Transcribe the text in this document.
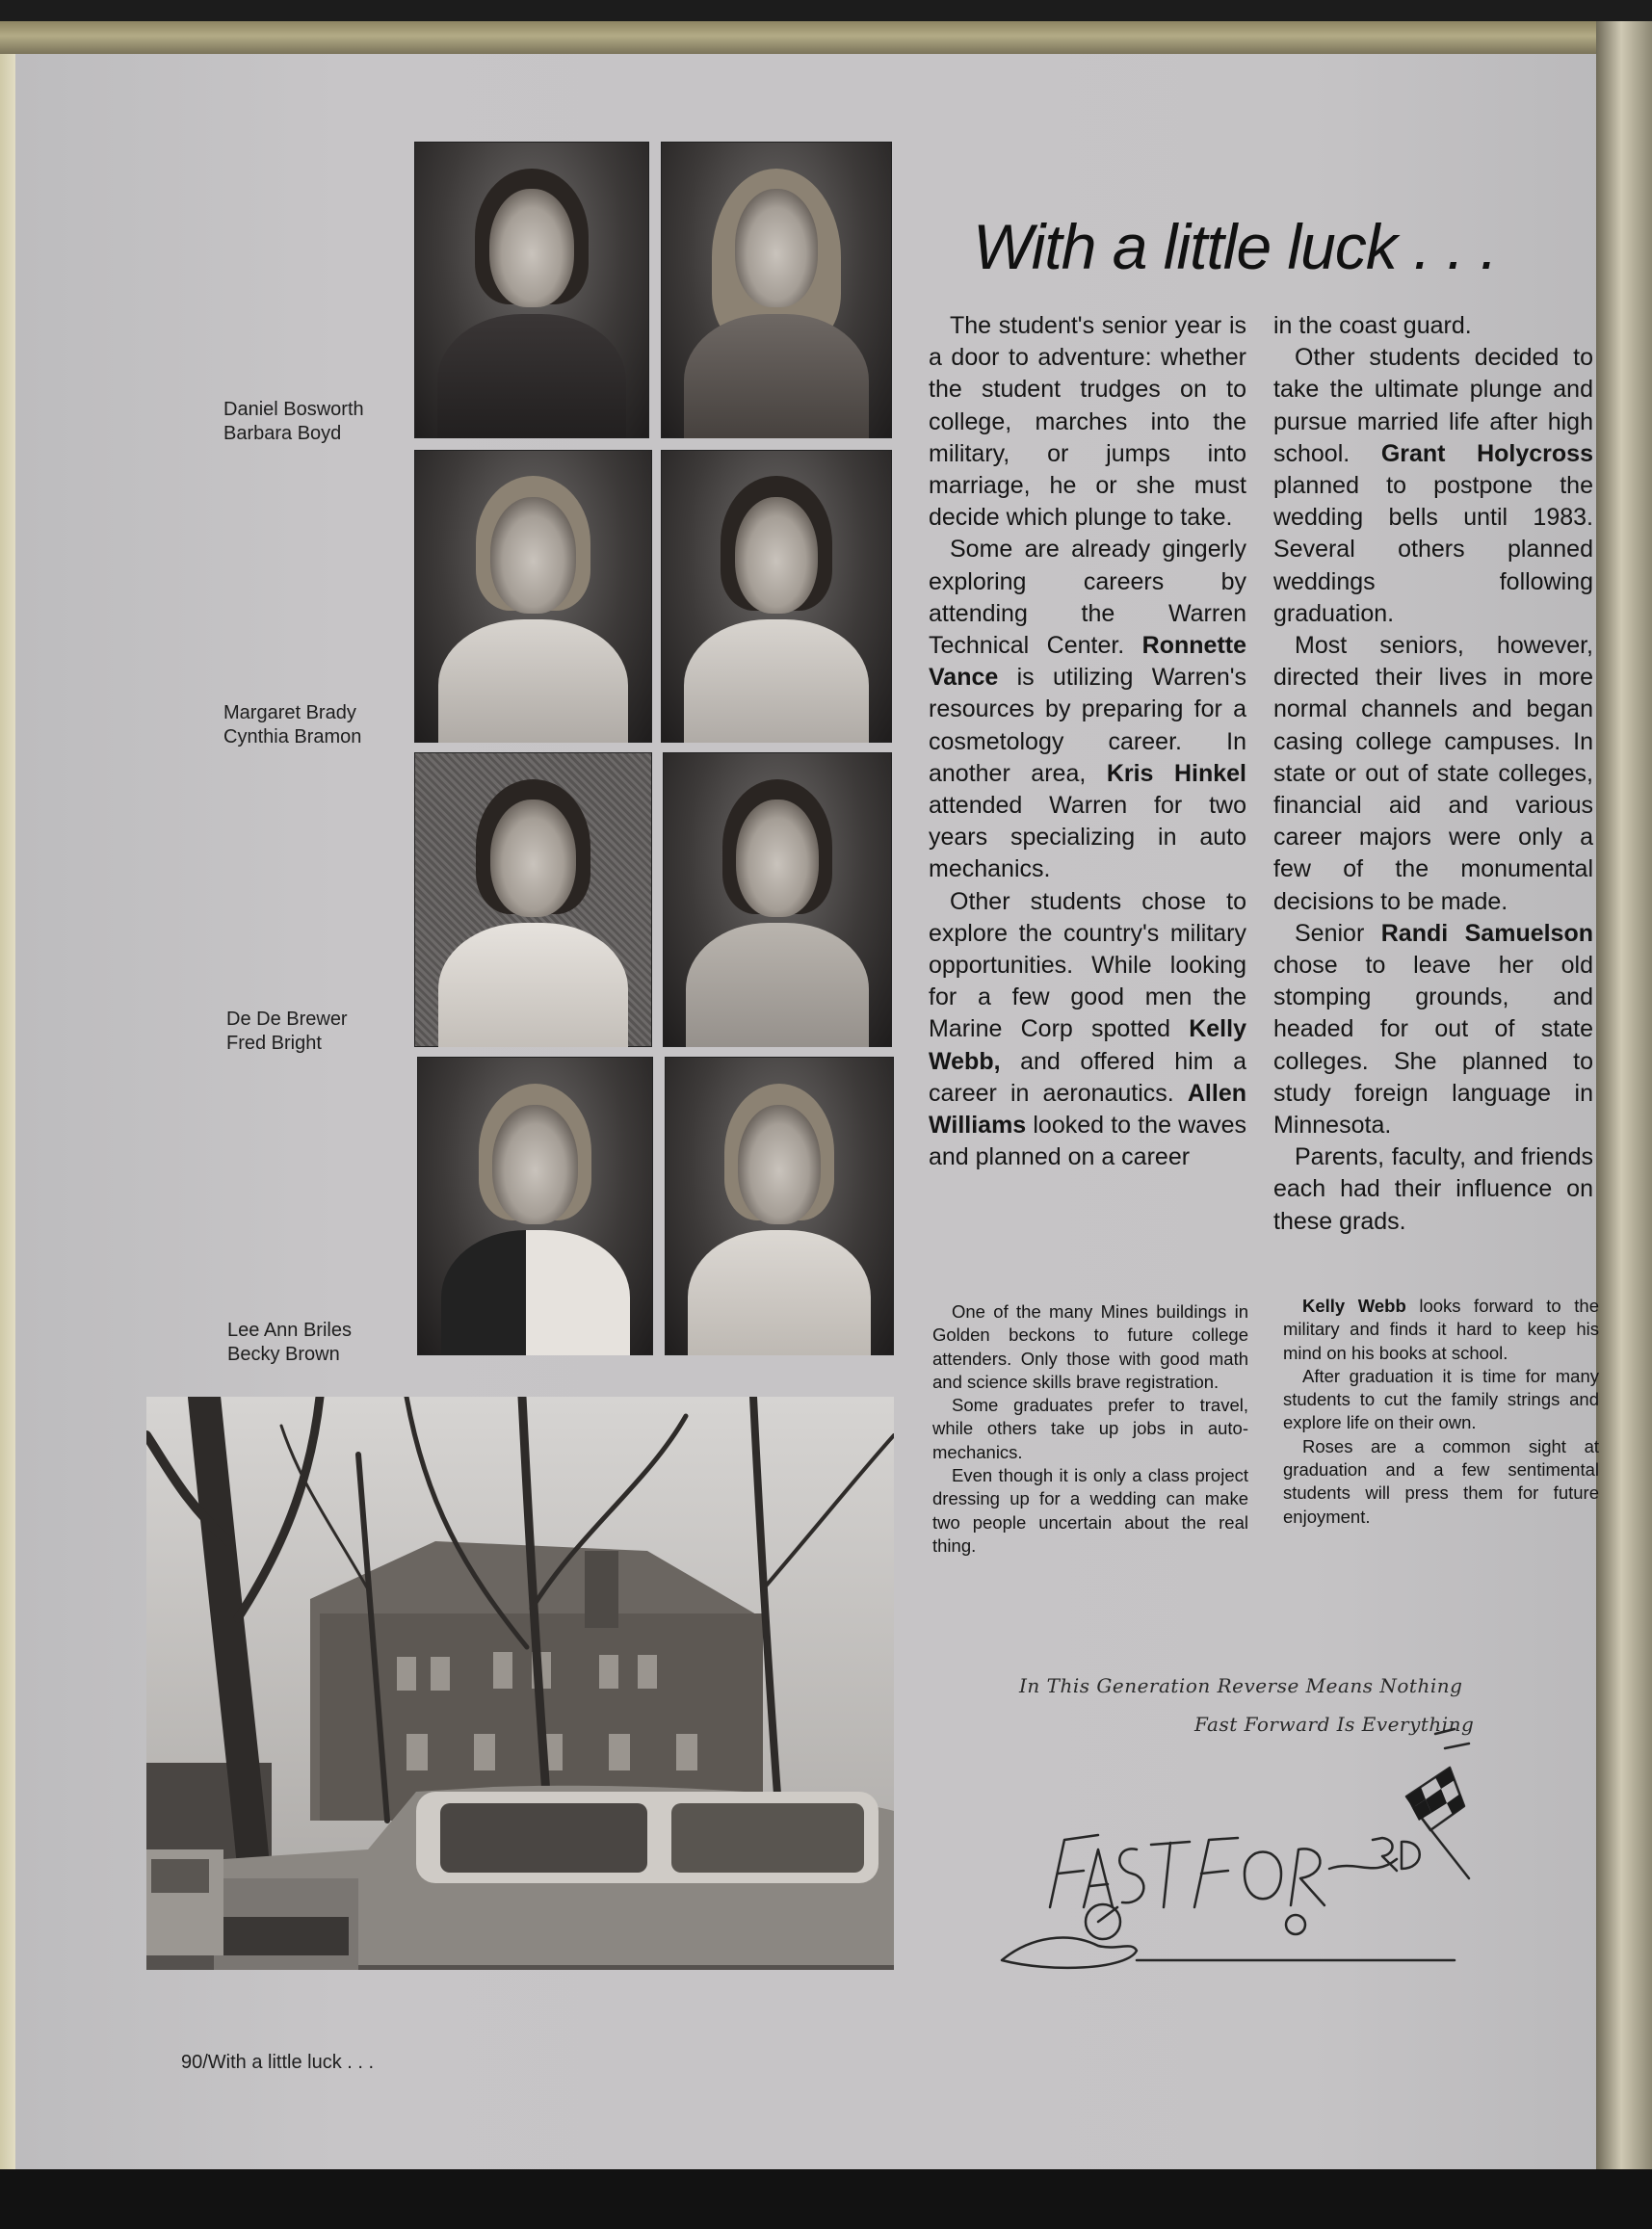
Daniel Bosworth
Barbara Boyd
Margaret Brady
Cynthia Bramon
De De Brewer
Fred Bright
Lee Ann Briles
Becky Brown
With a little luck . . .

The student's senior year is a door to adventure: whether the student trudges on to college, marches into the military, or jumps into marriage, he or she must decide which plunge to take.

Some are already gingerly exploring careers by attending the Warren Technical Center. Ronnette Vance is utilizing Warren's resources by preparing for a cosmetology career. In another area, Kris Hinkel attended Warren for two years specializing in auto mechanics.

Other students chose to explore the country's military opportunities. While looking for a few good men the Marine Corp spotted Kelly Webb, and offered him a career in aeronautics. Allen Williams looked to the waves and planned on a career

in the coast guard.

Other students decided to take the ultimate plunge and pursue married life after high school. Grant Holycross planned to postpone the wedding bells until 1983. Several others planned weddings following graduation.

Most seniors, however, directed their lives in more normal channels and began casing college campuses. In state or out of state colleges, financial aid and various career majors were only a few of the monumental decisions to be made.

Senior Randi Samuelson chose to leave her old stomping grounds, and headed for out of state colleges. She planned to study foreign language in Minnesota.

Parents, faculty, and friends each had their influence on these grads.

One of the many Mines buildings in Golden beckons to future college attenders. Only those with good math and science skills brave registration.

Some graduates prefer to travel, while others take up jobs in auto-mechanics.

Even though it is only a class project dressing up for a wedding can make two people uncertain about the real thing.

Kelly Webb looks forward to the military and finds it hard to keep his mind on his books at school.

After graduation it is time for many students to cut the family strings and explore life on their own.

Roses are a common sight at graduation and a few sentimental students will press them for future enjoyment.

In This Generation Reverse Means Nothing
Fast Forward Is Everything
90/With a little luck . . .
